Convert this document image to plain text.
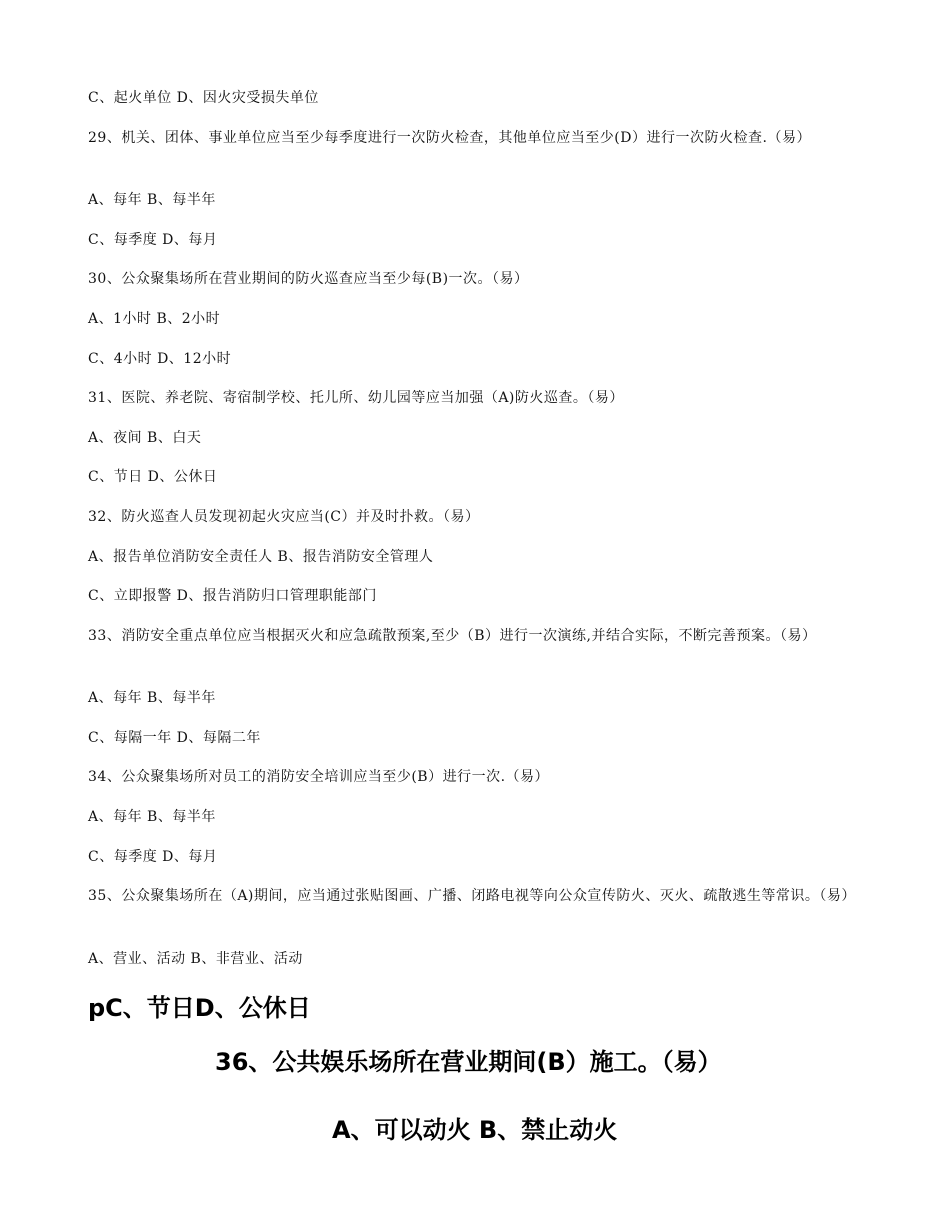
C、起火单位 D、因火灾受损失单位
29、机关、团体、事业单位应当至少每季度进行一次防火检查，其他单位应当至少(D）进行一次防火检查.（易）
A、每年 B、每半年
C、每季度 D、每月
30、公众聚集场所在营业期间的防火巡查应当至少每(B)一次。（易）
A、1小时 B、2小时
C、4小时 D、12小时
31、医院、养老院、寄宿制学校、托儿所、幼儿园等应当加强（A)防火巡查。（易）
A、夜间 B、白天
C、节日 D、公休日
32、防火巡查人员发现初起火灾应当(C）并及时扑救。（易）
A、报告单位消防安全责任人 B、报告消防安全管理人
C、立即报警 D、报告消防归口管理职能部门
33、消防安全重点单位应当根据灭火和应急疏散预案,至少（B）进行一次演练,并结合实际，不断完善预案。（易）
A、每年 B、每半年
C、每隔一年 D、每隔二年
34、公众聚集场所对员工的消防安全培训应当至少(B）进行一次.（易）
A、每年 B、每半年
C、每季度 D、每月
35、公众聚集场所在（A)期间，应当通过张贴图画、广播、闭路电视等向公众宣传防火、灭火、疏散逃生等常识。（易）
A、营业、活动 B、非营业、活动
pC、节日D、公休日
36、公共娱乐场所在营业期间(B）施工。（易）
A、可以动火 B、禁止动火
